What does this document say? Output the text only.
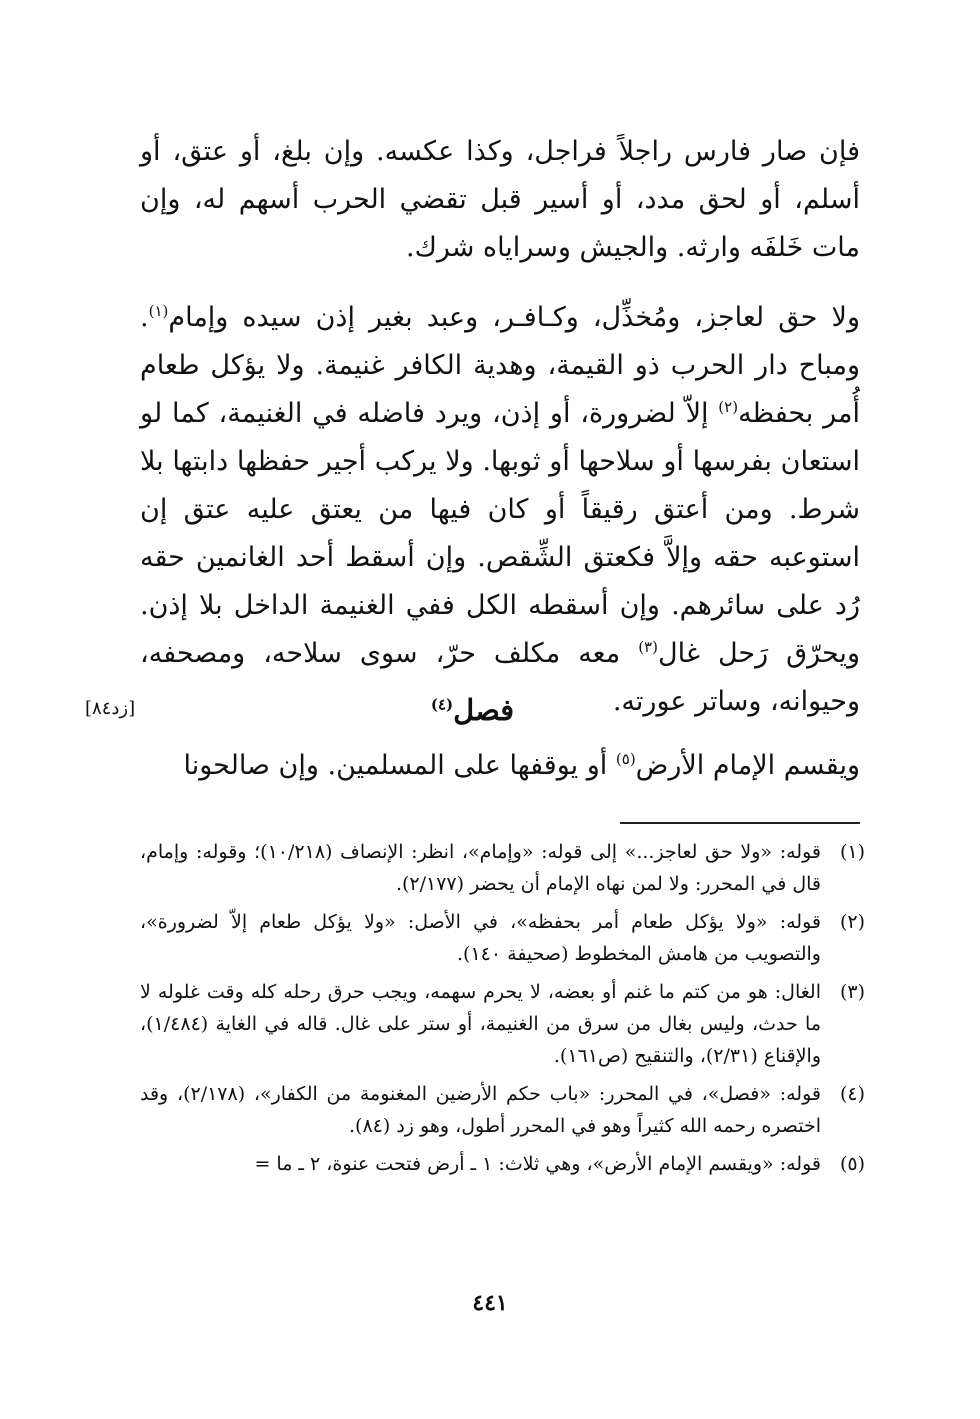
فإن صار فارس راجلاً فراجل، وكذا عكسه. وإن بلغ، أو عتق، أو أسلم، أو لحق مدد، أو أسير قبل تقضي الحرب أسهم له، وإن مات خَلفَه وارثه. والجيش وسراياه شرك.

ولا حق لعاجز، ومُخذِّل، وكـافـر، وعبد بغير إذن سيده وإمام$^{(١)}$. ومباح دار الحرب ذو القيمة، وهدية الكافر غنيمة. ولا يؤكل طعام أُمر بحفظه$^{(٢)}$ إلاّ لضرورة، أو إذن، ويرد فاضله في الغنيمة، كما لو استعان بفرسها أو سلاحها أو ثوبها. ولا يركب أجير حفظها دابتها بلا شرط. ومن أعتق رقيقاً أو كان فيها من يعتق عليه عتق إن استوعبه حقه وإلاَّ فكعتق الشِّقص. وإن أسقط أحد الغانمين حقه رُد على سائرهم. وإن أسقطه الكل ففي الغنيمة الداخل بلا إذن. ويحرّق رَحل غال$^{(٣)}$ معه مكلف حرّ، سوى سلاحه، ومصحفه، وحيوانه، وساتر عورته.

فصل$^{(٤)}$
[زد٨٤]

ويقسم الإمام الأرض$^{(٥)}$ أو يوقفها على المسلمين. وإن صالحونا

(١)
قوله: «ولا حق لعاجز...» إلى قوله: «وإمام»، انظر: الإنصاف (١٠/٢١٨)؛ وقوله: وإمام، قال في المحرر: ولا لمن نهاه الإمام أن يحضر (٢/١٧٧).
(٢)
قوله: «ولا يؤكل طعام أمر بحفظه»، في الأصل: «ولا يؤكل طعام إلاّ لضرورة»، والتصويب من هامش المخطوط (صحيفة ١٤٠).
(٣)
الغال: هو من كتم ما غنم أو بعضه، لا يحرم سهمه، ويجب حرق رحله كله وقت غلوله لا ما حدث، وليس بغال من سرق من الغنيمة، أو ستر على غال. قاله في الغاية (١/٤٨٤)، والإقناع (٢/٣١)، والتنقيح (ص١٦١).
(٤)
قوله: «فصل»، في المحرر: «باب حكم الأرضين المغنومة من الكفار»، (٢/١٧٨)، وقد اختصره رحمه الله كثيراً وهو في المحرر أطول، وهو زد (٨٤).
(٥)
قوله: «ويقسم الإمام الأرض»، وهي ثلاث: ١ ـ أرض فتحت عنوة، ٢ ـ ما =
٤٤١
